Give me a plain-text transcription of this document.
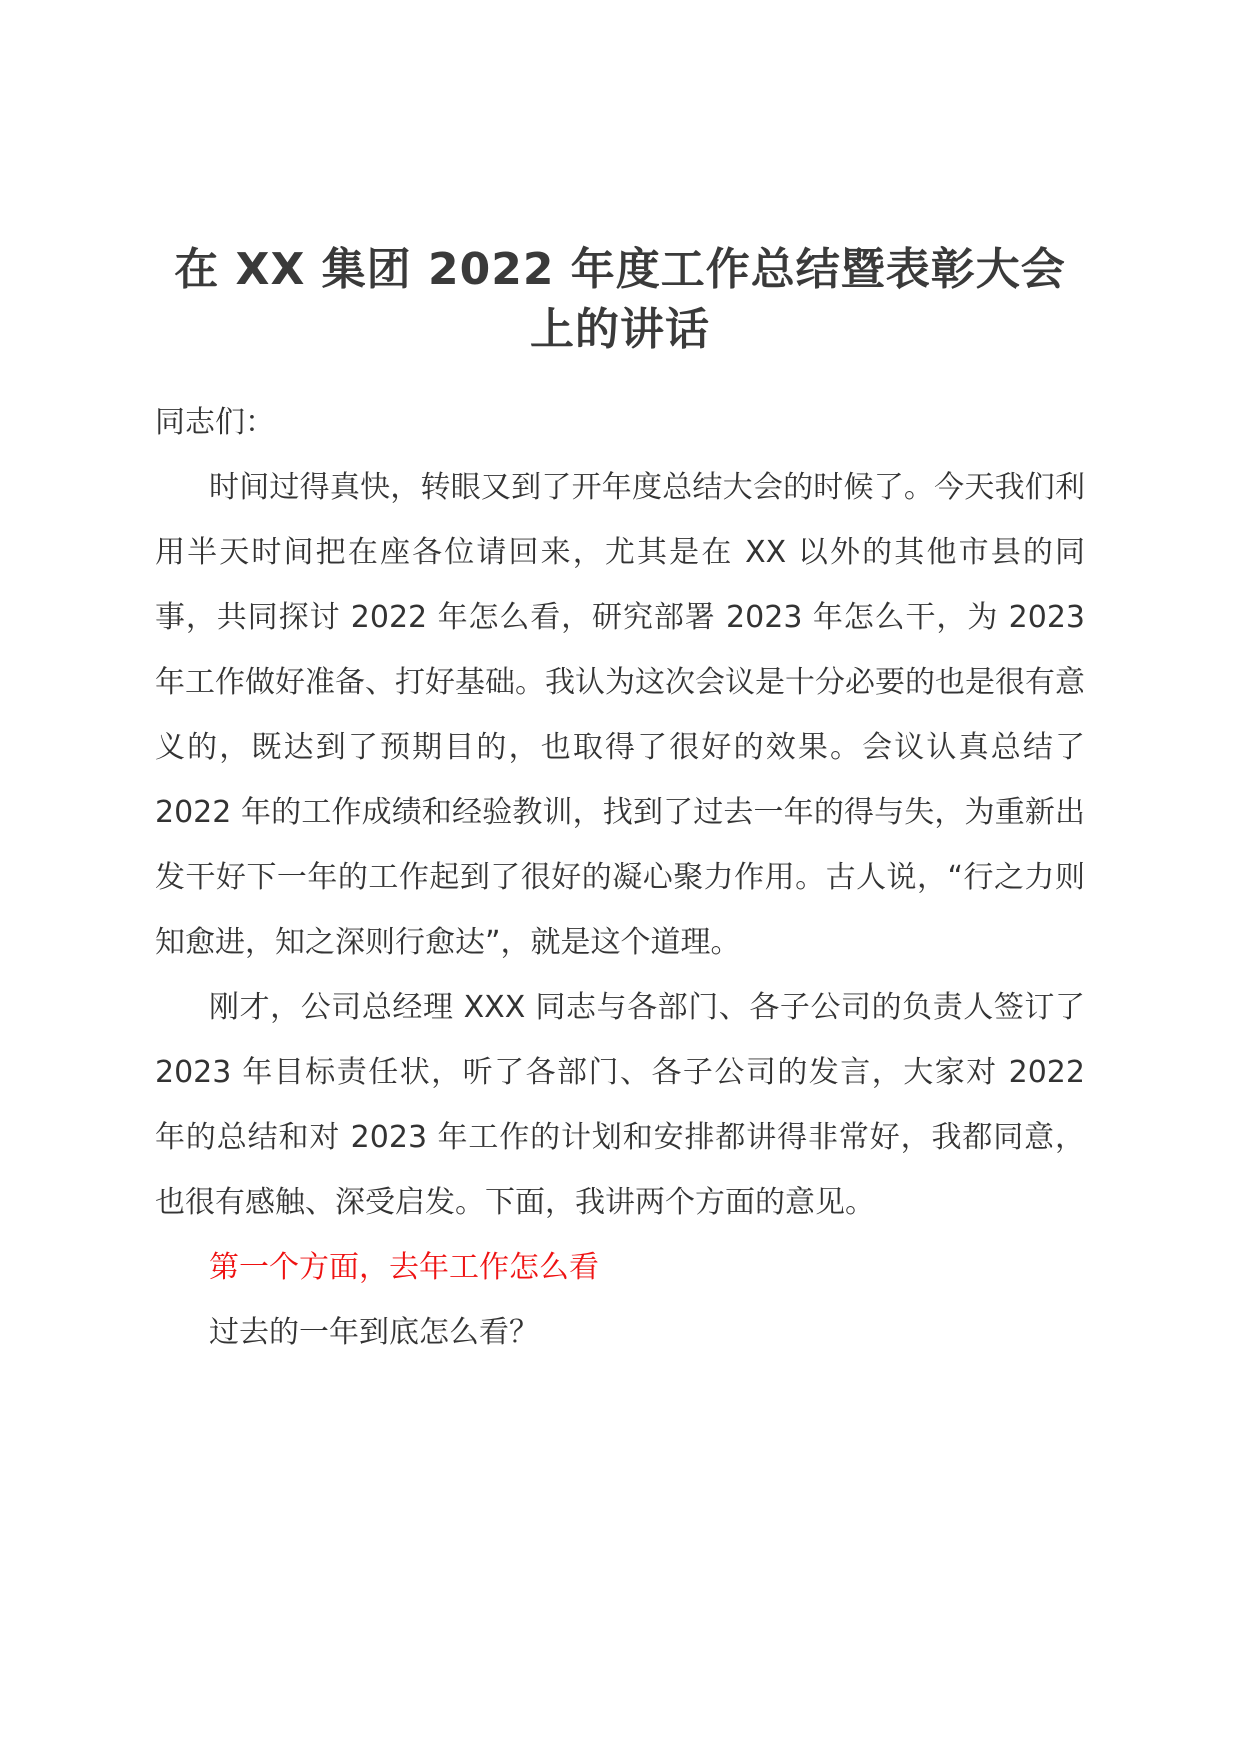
在 XX 集团 2022 年度工作总结暨表彰大会上的讲话

同志们：

时间过得真快，转眼又到了开年度总结大会的时候了。今天我们利用半天时间把在座各位请回来，尤其是在 XX 以外的其他市县的同事，共同探讨 2022 年怎么看，研究部署 2023 年怎么干，为 2023 年工作做好准备、打好基础。我认为这次会议是十分必要的也是很有意义的，既达到了预期目的，也取得了很好的效果。会议认真总结了 2022 年的工作成绩和经验教训，找到了过去一年的得与失，为重新出发干好下一年的工作起到了很好的凝心聚力作用。古人说，“行之力则知愈进，知之深则行愈达”，就是这个道理。

刚才，公司总经理 XXX 同志与各部门、各子公司的负责人签订了 2023 年目标责任状，听了各部门、各子公司的发言，大家对 2022 年的总结和对 2023 年工作的计划和安排都讲得非常好，我都同意，也很有感触、深受启发。下面，我讲两个方面的意见。

第一个方面，去年工作怎么看

过去的一年到底怎么看？
